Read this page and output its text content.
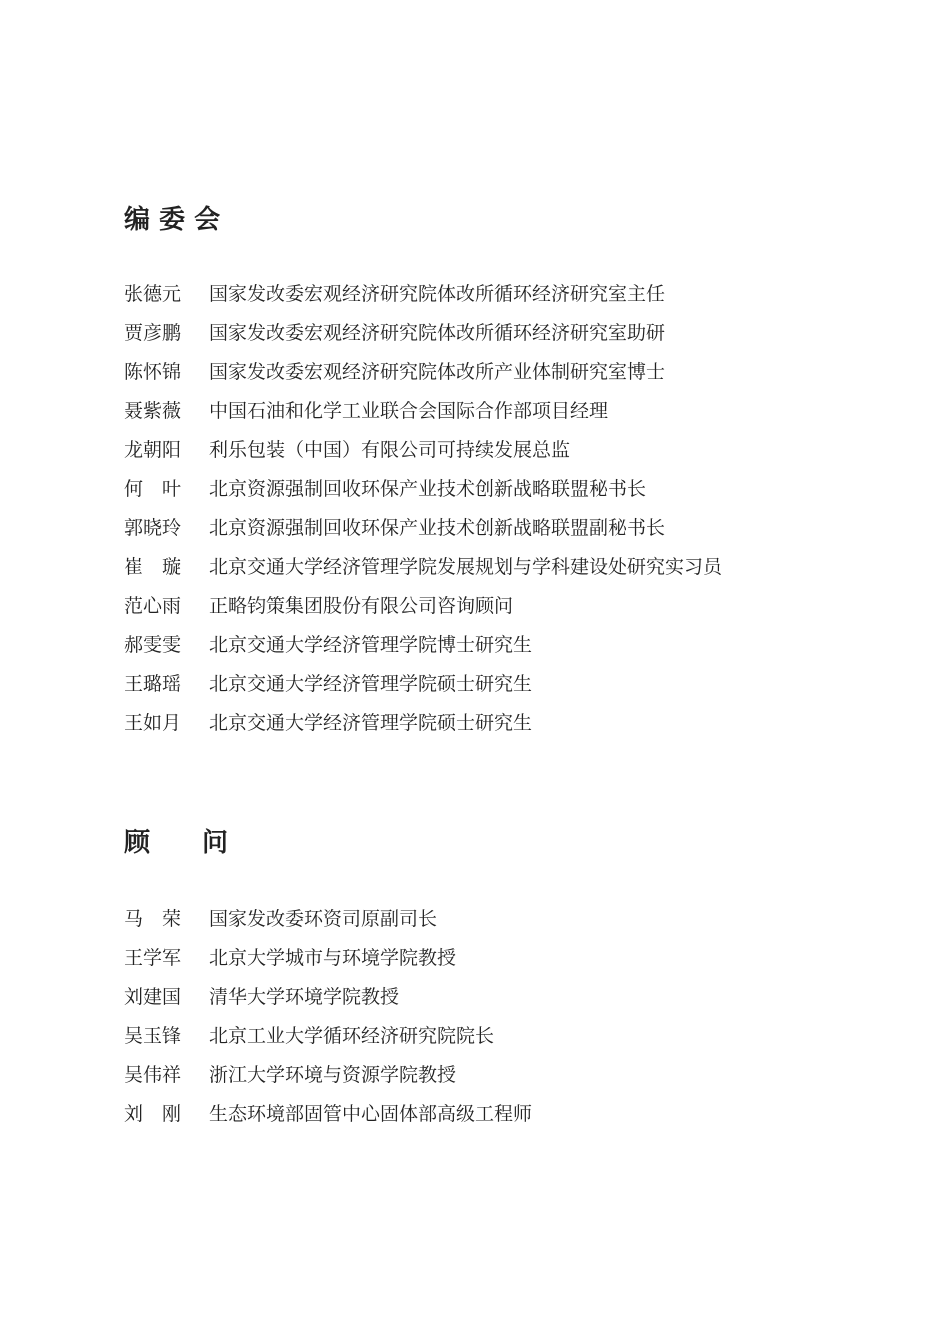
编 委 会
张德元	国家发改委宏观经济研究院体改所循环经济研究室主任
贾彦鹏	国家发改委宏观经济研究院体改所循环经济研究室助研
陈怀锦	国家发改委宏观经济研究院体改所产业体制研究室博士
聂紫薇	中国石油和化学工业联合会国际合作部项目经理
龙朝阳	利乐包装（中国）有限公司可持续发展总监
何　叶	北京资源强制回收环保产业技术创新战略联盟秘书长
郭晓玲	北京资源强制回收环保产业技术创新战略联盟副秘书长
崔　璇	北京交通大学经济管理学院发展规划与学科建设处研究实习员
范心雨	正略钧策集团股份有限公司咨询顾问
郝雯雯	北京交通大学经济管理学院博士研究生
王璐瑶	北京交通大学经济管理学院硕士研究生
王如月	北京交通大学经济管理学院硕士研究生
顾　　问
马　荣	国家发改委环资司原副司长
王学军	北京大学城市与环境学院教授
刘建国	清华大学环境学院教授
吴玉锋	北京工业大学循环经济研究院院长
吴伟祥	浙江大学环境与资源学院教授
刘　刚	生态环境部固管中心固体部高级工程师
